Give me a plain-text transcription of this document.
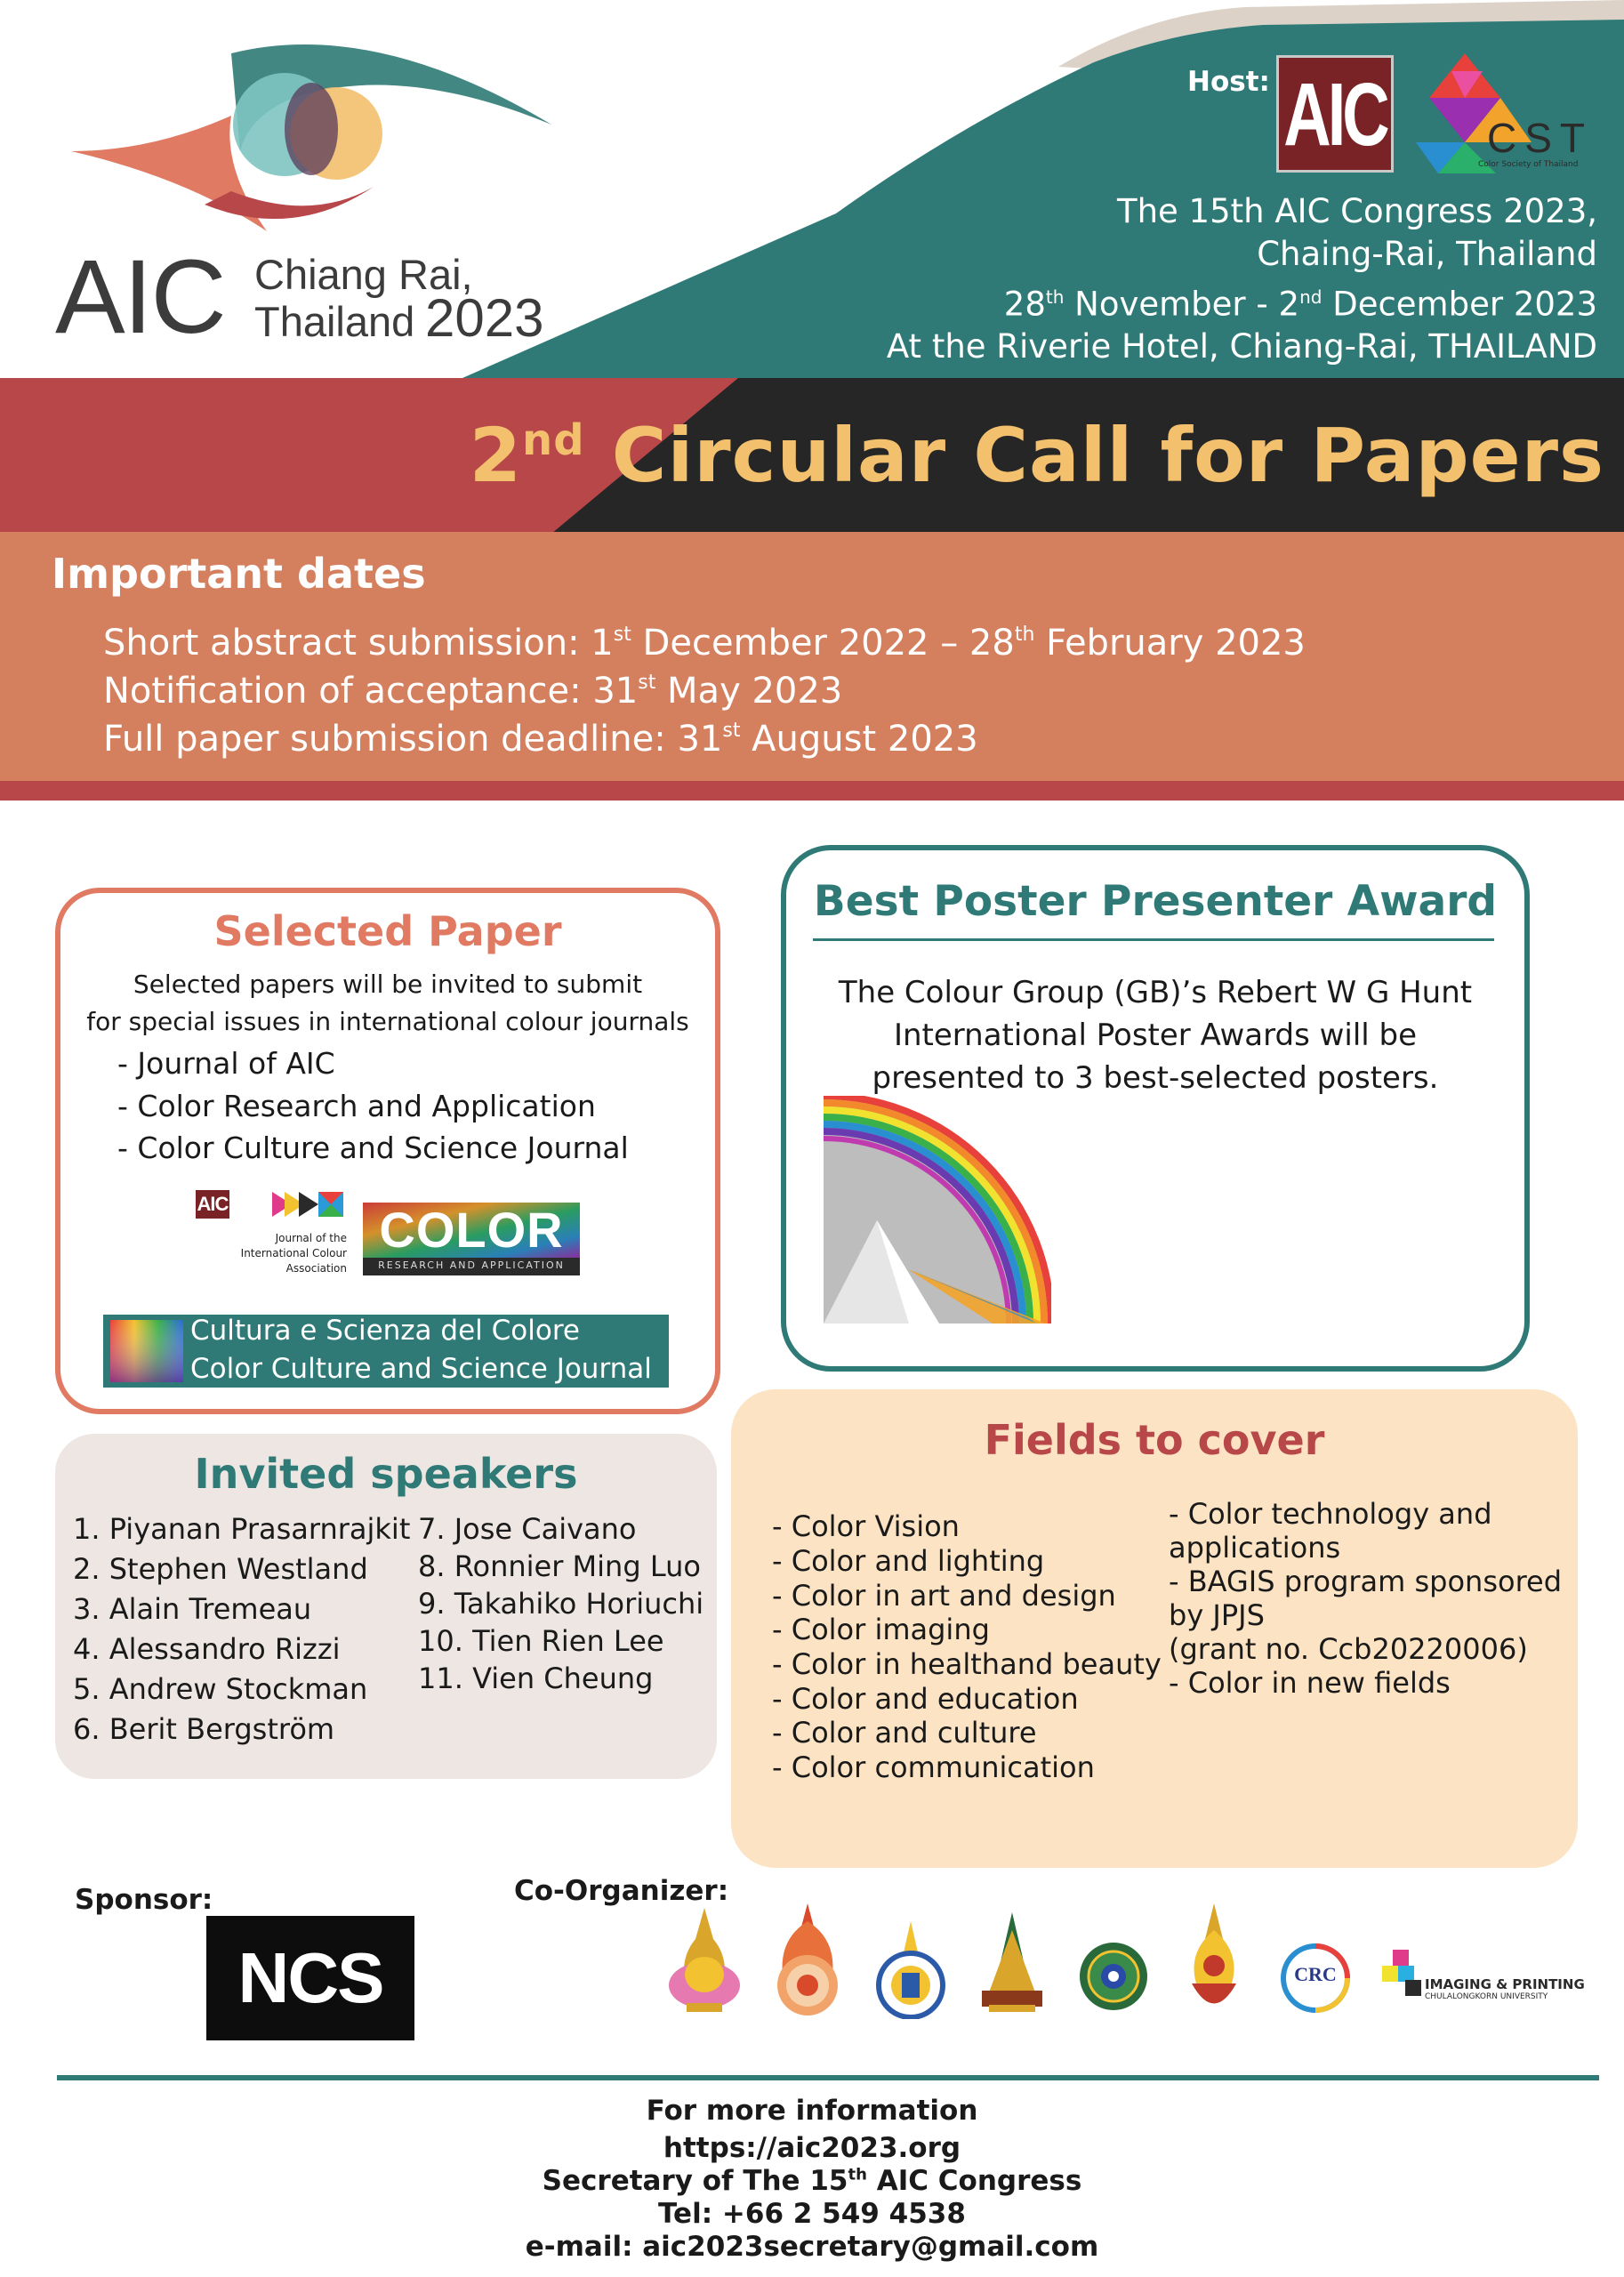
AIC Chiang Rai,
Thailand 2023
Host: AIC CST
Color Society of Thailand
The 15th AIC Congress 2023,
Chaing-Rai, Thailand
28th November - 2nd December 2023
At the Riverie Hotel, Chiang-Rai, THAILAND
2nd Circular Call for Papers
Important dates
Short abstract submission: 1st December 2022 – 28th February 2023
Notification of acceptance: 31st May 2023
Full paper submission deadline: 31st August 2023
Selected Paper
Selected papers will be invited to submit
for special issues in international colour journals
- Journal of AIC
- Color Research and Application
- Color Culture and Science Journal
AIC
Journal of the
International Colour
Association
COLOR
RESEARCH AND APPLICATION
Cultura e Scienza del Colore
Color Culture and Science Journal
Best Poster Presenter Award
The Colour Group (GB)’s Rebert W G Hunt
International Poster Awards will be
presented to 3 best-selected posters.
Invited speakers
1. Piyanan Prasarnrajkit
2. Stephen Westland
3. Alain Tremeau
4. Alessandro Rizzi
5. Andrew Stockman
6. Berit Bergström
7. Jose Caivano
8. Ronnier Ming Luo
9. Takahiko Horiuchi
10. Tien Rien Lee
11. Vien Cheung
Fields to cover
- Color Vision
- Color and lighting
- Color in art and design
- Color imaging
- Color in healthand beauty
- Color and education
- Color and culture
- Color communication
- Color technology and
applications
- BAGIS program sponsored
by JPJS
(grant no. Ccb20220006)
- Color in new fields
Sponsor:
NCS
Co-Organizer:
CRC	IMAGING & PRINTING
CHULALONGKORN UNIVERSITY
For more information
https://aic2023.org
Secretary of The 15th AIC Congress
Tel: +66 2 549 4538
e-mail: aic2023secretary@gmail.com
